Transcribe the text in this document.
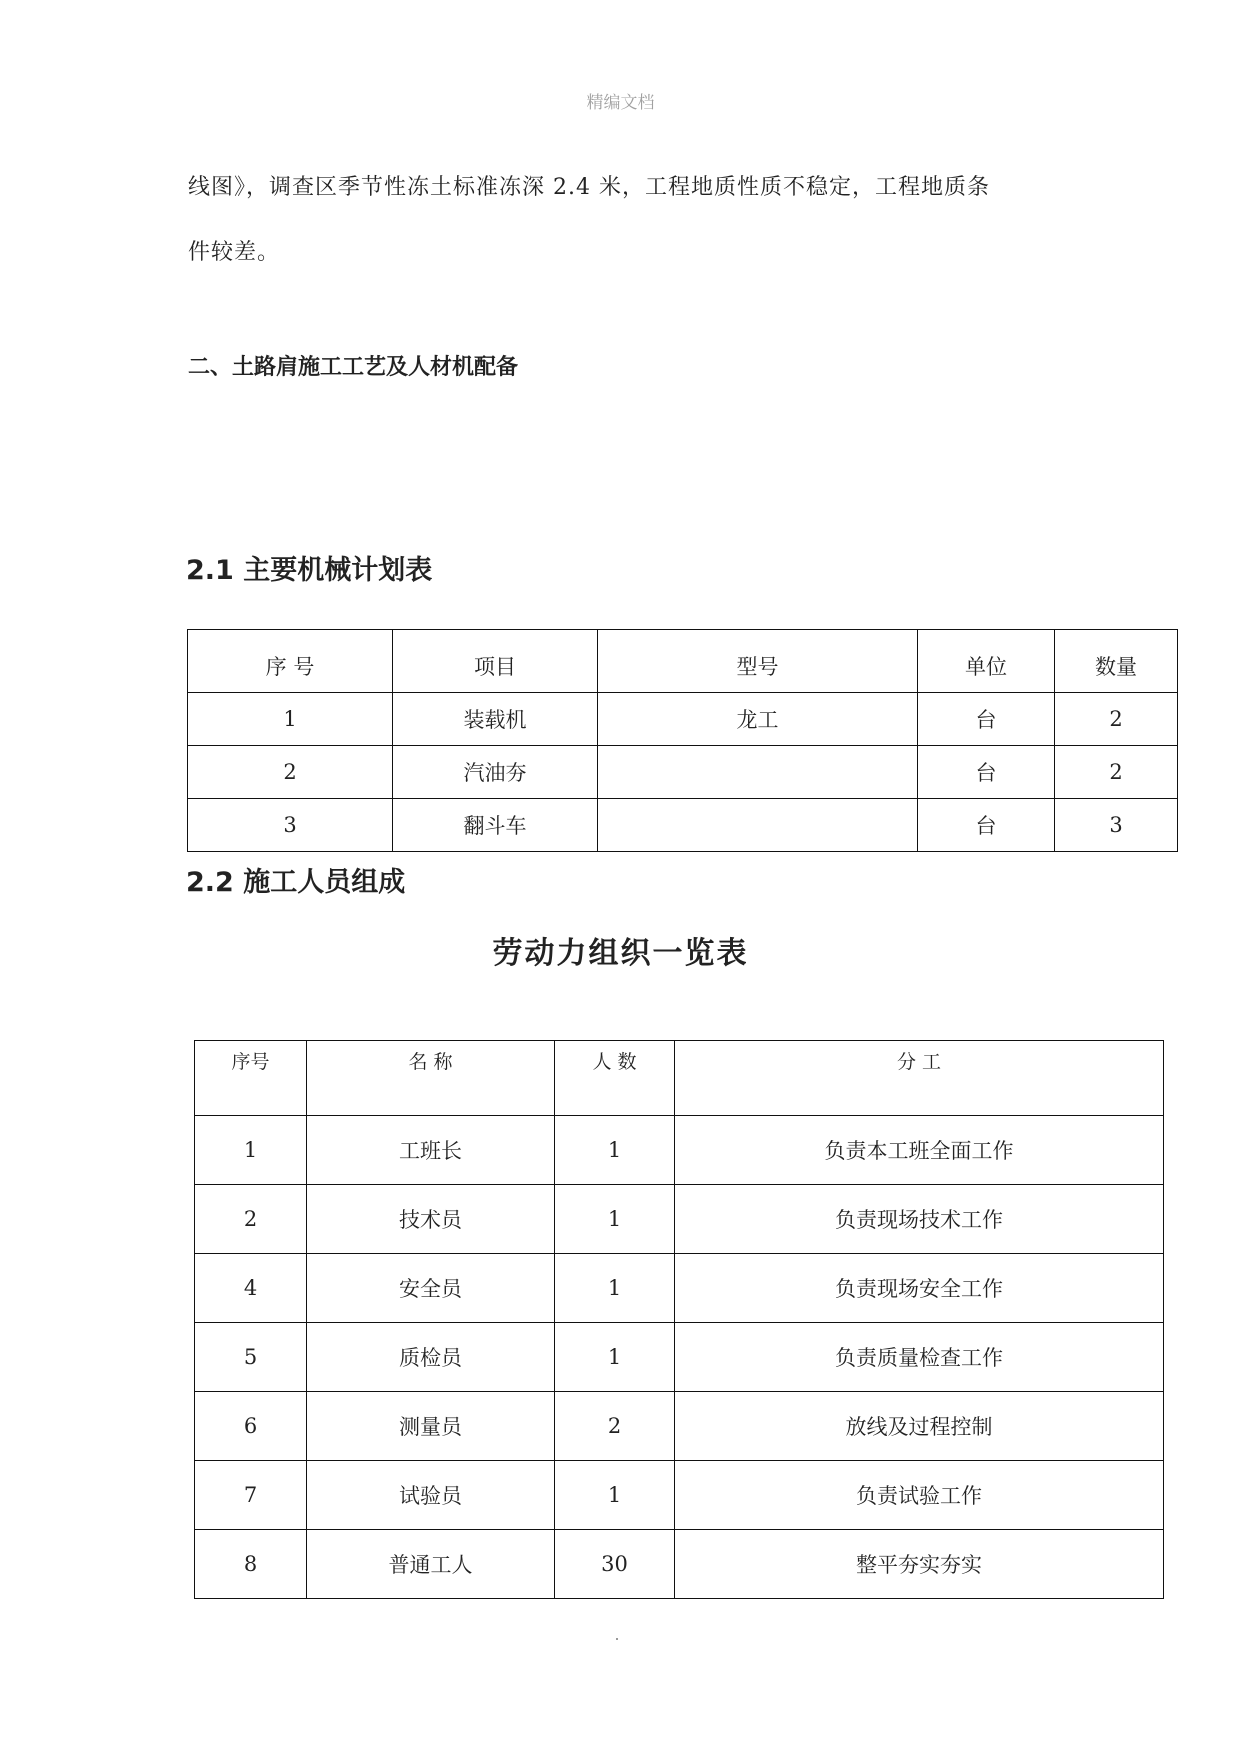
精编文档
线图》，调查区季节性冻土标准冻深 2.4 米，工程地质性质不稳定，工程地质条
件较差。
二、土路肩施工工艺及人材机配备
2.1 主要机械计划表
序 号	项目	型号	单位	数量
1	装载机	龙工	台	2
2	汽油夯		台	2
3	翻斗车		台	3
2.2 施工人员组成
劳动力组织一览表
序号	名 称	人 数	分 工
1	工班长	1	负责本工班全面工作
2	技术员	1	负责现场技术工作
4	安全员	1	负责现场安全工作
5	质检员	1	负责质量检查工作
6	测量员	2	放线及过程控制
7	试验员	1	负责试验工作
8	普通工人	30	整平夯实夯实
